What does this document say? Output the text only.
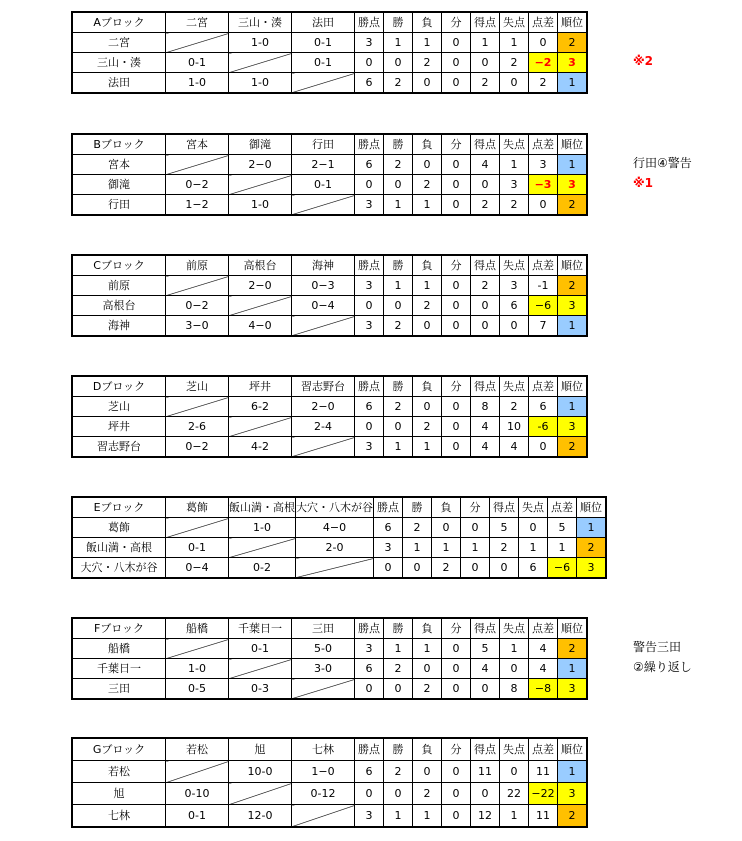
Aブロック	二宮	三山・湊	法田	勝点	勝	負	分	得点	失点	点差	順位
二宮		1-0	0-1	3	1	1	0	1	1	0	2
三山・湊	0-1		0-1	0	0	2	0	0	2	−2	3
法田	1-0	1-0		6	2	0	0	2	0	2	1
※2
Bブロック	宮本	御滝	行田	勝点	勝	負	分	得点	失点	点差	順位
宮本		2−0	2−1	6	2	0	0	4	1	3	1
御滝	0−2		0-1	0	0	2	0	0	3	−3	3
行田	1−2	1-0		3	1	1	0	2	2	0	2
行田④警告
※1
Cブロック	前原	高根台	海神	勝点	勝	負	分	得点	失点	点差	順位
前原		2−0	0−3	3	1	1	0	2	3	-1	2
高根台	0−2		0−4	0	0	2	0	0	6	−6	3
海神	3−0	4−0		3	2	0	0	0	0	7	1
Dブロック	芝山	坪井	習志野台	勝点	勝	負	分	得点	失点	点差	順位
芝山		6-2	2−0	6	2	0	0	8	2	6	1
坪井	2-6		2-4	0	0	2	0	4	10	-6	3
習志野台	0−2	4-2		3	1	1	0	4	4	0	2
Eブロック	葛飾	飯山満・高根	大穴・八木が谷	勝点	勝	負	分	得点	失点	点差	順位
葛飾		1-0	4−0	6	2	0	0	5	0	5	1
飯山満・高根	0-1		2-0	3	1	1	1	2	1	1	2
大穴・八木が谷	0−4	0-2		0	0	2	0	0	6	−6	3
Fブロック	船橋	千葉日一	三田	勝点	勝	負	分	得点	失点	点差	順位
船橋		0-1	5-0	3	1	1	0	5	1	4	2
千葉日一	1-0		3-0	6	2	0	0	4	0	4	1
三田	0-5	0-3		0	0	2	0	0	8	−8	3
警告三田
②繰り返し
Gブロック	若松	旭	七林	勝点	勝	負	分	得点	失点	点差	順位
若松		10-0	1−0	6	2	0	0	11	0	11	1
旭	0-10		0-12	0	0	2	0	0	22	−22	3
七林	0-1	12-0		3	1	1	0	12	1	11	2
